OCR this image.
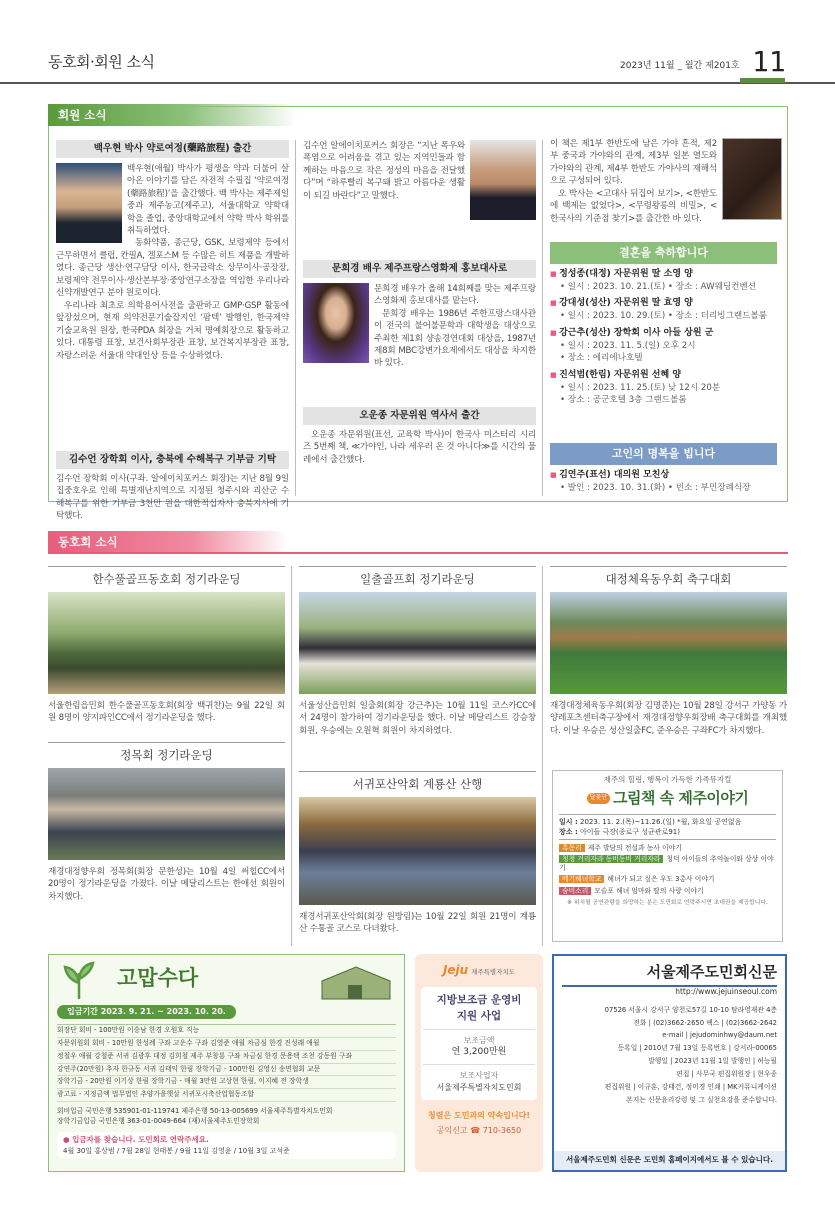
동호회·회원 소식	2023년 11월 _ 월간 제201호 11
회원 소식
백우현 박사 약로여정(藥路旅程) 출간
백우현(애월) 박사가 평생을 약과 더불어 살아온 이야기를 담은 자전적 수필집 ‘약로여정(藥路旅程)’을 출간했다. 백 박사는 제주제일중과 제주농고(제주고), 서울대학교 약학대학을 졸업, 중앙대학교에서 약학 박사 학위를 취득하였다.
동화약품, 종근당, GSK, 보령제약 등에서 근무하면서 클럽, 칸필A, 겔포스M 등 수많은 히트 제품을 개발하였다. 종근당 생산·연구담당 이사, 한국글락소 상무이사·공장장, 보령제약 전무이사·생산본부장·중앙연구소장을 역임한 우리나라 신약개발연구 분야 원로이다.
우리나라 최초로 의학용어사전을 출판하고 GMP·GSP 활동에 앞장섰으며, 현재 의약전문기술잡지인 ‘팜텍’ 발행인, 한국제약 기술교육원 원장, 한국PDA 회장을 거쳐 명예회장으로 활동하고 있다. 대통령 표창, 보건사회부장관 표창, 보건복지부장관 표창, 자랑스러운 서울대 약대인상 등을 수상하였다.
김수언 장학회 이사, 충북에 수해복구 기부금 기탁
김수언 장학회 이사(구좌. 알에이치포커스 회장)는 지난 8월 9일 집중호우로 인해 특별재난지역으로 지정된 청주시와 괴산군 수해복구를 위한 기부금 3천만 원을 대한적십자사 충북지사에 기탁했다.
김수언 알에이치포커스 회장은 “지난 폭우와 폭염으로 어려움을 겪고 있는 지역민들과 함께하는 마음으로 작은 정성의 마음을 전달했다”며 “하루빨리 복구돼 밝고 아름다운 생활이 되길 바란다”고 말했다.
문희경 배우 제주프랑스영화제 홍보대사로
문희경 배우가 올해 14회째를 맞는 제주프랑스영화제 홍보대사를 맡는다.
문희경 배우는 1986년 주한프랑스대사관이 전국의 불어불문학과 대학생을 대상으로 주최한 제1회 샹송경연대회 대상을, 1987년 제8회 MBC강변가요제에서도 대상을 차지한 바 있다.
오운종 자문위원 역사서 출간
오운종 자문위원(표선, 교육학 박사)이 한국사 미스터리 시리즈 5번째 책, ≪가야인, 나라 세우러 온 것 아니다≫를 시간의 물레에서 출간했다.
이 책은 제1부 한반도에 남은 가야 흔적, 제2부 중국과 가야와의 관계, 제3부 일본 열도와 가야와의 관계, 제4부 한반도 가야사의 재해석으로 구성되어 있다.
오 박사는 <고대사 뒤집어 보기>, <한반도에 백제는 없었다>, <무령왕릉의 비밀>, <한국사의 기준점 찾기>를 출간한 바 있다.
결혼을 축하합니다
■ 정성종(대정) 자문위원 딸 소영 양
• 일시 : 2023. 10. 21.(토) • 장소 : AW웨딩컨벤션
■ 강대성(성산) 자문위원 딸 효영 양
• 일시 : 2023. 10. 29.(토) • 장소 : 더리빙그랜드볼룸
■ 강근추(성산) 장학회 이사 아들 상원 군
• 일시 : 2023. 11. 5.(일) 오후 2시
• 장소 : 에리에나호텔
■ 진석범(한림) 자문위원 선혜 양
• 일시 : 2023. 11. 25.(토) 낮 12시 20분
• 장소 : 공군호텔 3층 그랜드볼룸
고인의 명복을 빕니다
■ 김연주(표선) 대의원 모친상
• 발인 : 2023. 10. 31.(화) • 빈소 : 부민장례식장
동호회 소식
한수풀골프동호회 정기라운딩
서울한림읍민회 한수풀골프동호회(회장 백귀찬)는 9월 22일 회원 8명이 양지파인CC에서 정기라운딩을 했다.
정목회 정기라운딩
재경대정향우회 정목회(회장 문한성)는 10월 4일 써힐CC에서 20명이 정기라운딩을 가졌다. 이날 메달리스트는 한애선 회원이 차지했다.
일출골프회 정기라운딩
서울성산읍민회 일출회(회장 강근추)는 10월 11일 코스카CC에서 24명이 참가하여 정기라운딩을 했다. 이날 메달리스트 강승창 회원, 우승에는 오원혁 회원이 차지하였다.
서귀포산악회 계룡산 산행
재경서귀포산악회(회장 원방림)는 10월 22일 회원 21명이 계룡산 수통골 코스로 다녀왔다.
대정체육동우회 축구대회
재경대정체육동우회(회장 김명준)는 10월 28일 강서구 가양동 가양레포츠센터축구장에서 재경대정향우회장배 축구대회를 개최했다. 이날 우승은 성산일출FC, 준우승은 구좌FC가 차지했다.
제주의 힐링, 행복이 가득한 가족뮤지컬
달꽃단 그림책 속 제주이야기
일시 : 2023. 11. 2.(목)~11.26.(일) *월, 화요일 공연없음
장소 : 아이들 극장(종로구 성균관로91)
흑몽리 제주 발담의 전설과 농사 이야기
청청 거리자라 동비동비 거리자라 청덕 아이들의 추억놀이와 상상 이야기
메기해녀학교 해녀가 되고 싶은 우도 3총사 이야기
숨비소리 모슬포 해녀 엄마와 딸의 사랑 이야기
※ 위치될 공연관람을 희망하는 분은 도민회로 연락주시면 초대권을 제공합니다.
고맙수다
입금기간 2023. 9. 21. ~ 2023. 10. 20.
회장단 회비 - 100만원 이승남 한경 오원호 직능
자문위원회 회비 - 10만원 한성례 구좌 고운수 구좌 김영준 애월 차금심 한경 진성래 애월
정철우 애월 강철준 서귀 김광후 대정 김희철 제주 부창룡 구좌 차금심 한경 문용택 조천 강동원 구좌
강연주(20만원) 추자 한규동 서귀 김태익 한림 장학기금 - 100만원 김영신 송면협회 교문
장학기금 - 20만원 이기상 한림 장학기금 - 매월 3만원 고상현 한림, 이지혜 전 장학생
광고료 - 지정금액 법무법인 추양가을햇살 서귀포시축산업협동조합
회비입금 국민은행 535901-01-119741 제주은행 50-13-005699 서울제주특별자치도민회
장학기금입금 국민은행 363-01-0049-664 (재)서울제주도민장학회
● 입금자를 찾습니다. 도민회로 연락주세요.
4월 30일 홍상범 / 7월 28일 현태봉 / 9월 11일 김영윤 / 10월 3일 고석준
Jeju 제주특별자치도
지방보조금 운영비
지원 사업
보조금액
연 3,200만원
보조사업자
서울제주특별자치도민회
청렴은 도민과의 약속입니다!
공익신고 ☎ 710-3650
서울제주도민회신문
http://www.jejuinseoul.com
07526 서울시 강서구 양천로57길 10-10 탐라영재관 4층
전화 | (02)3662-2650 팩스 | (02)3662-2642
e-mail | jejudominhwy@daum.net
등록일 | 2010년 7월 13일 등록번호 | 강서라-00065
발행일 | 2023년 11월 1일 발행인 | 허능필
편집 | 사무국 편집위원장 | 현우종
편집위원 | 이규훈, 강태건, 정미경 인쇄 | MK커뮤니케이션
본지는 신문윤리강령 및 그 실천요강을 준수합니다.
서울제주도민회 신문은 도민회 홈페이지에서도 볼 수 있습니다.
